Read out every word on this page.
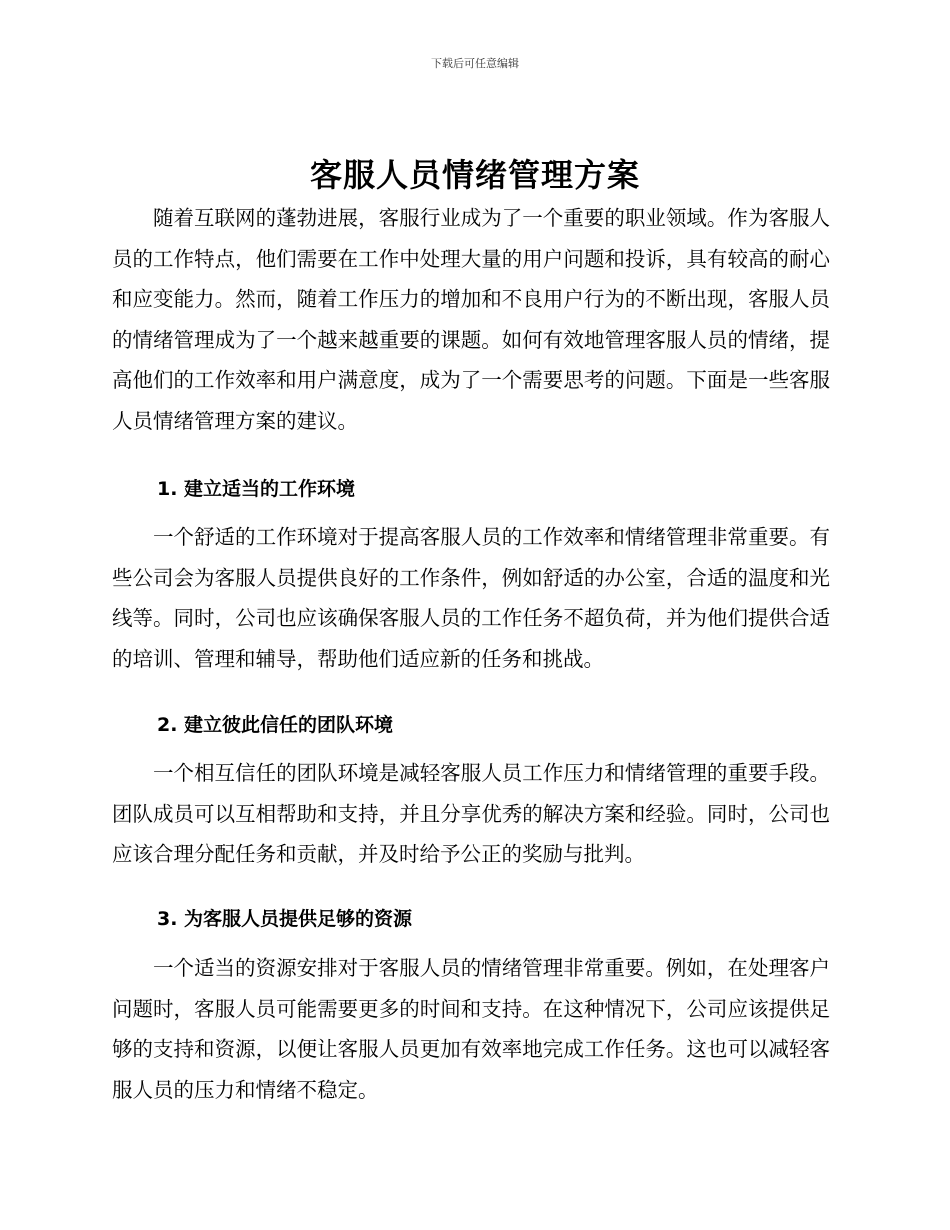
下载后可任意编辑
客服人员情绪管理方案

随着互联网的蓬勃进展，客服行业成为了一个重要的职业领域。作为客服人员的工作特点，他们需要在工作中处理大量的用户问题和投诉，具有较高的耐心和应变能力。然而，随着工作压力的增加和不良用户行为的不断出现，客服人员的情绪管理成为了一个越来越重要的课题。如何有效地管理客服人员的情绪，提高他们的工作效率和用户满意度，成为了一个需要思考的问题。下面是一些客服人员情绪管理方案的建议。

1. 建立适当的工作环境

一个舒适的工作环境对于提高客服人员的工作效率和情绪管理非常重要。有些公司会为客服人员提供良好的工作条件，例如舒适的办公室，合适的温度和光线等。同时，公司也应该确保客服人员的工作任务不超负荷，并为他们提供合适的培训、管理和辅导，帮助他们适应新的任务和挑战。

2. 建立彼此信任的团队环境

一个相互信任的团队环境是减轻客服人员工作压力和情绪管理的重要手段。团队成员可以互相帮助和支持，并且分享优秀的解决方案和经验。同时，公司也应该合理分配任务和贡献，并及时给予公正的奖励与批判。

3. 为客服人员提供足够的资源

一个适当的资源安排对于客服人员的情绪管理非常重要。例如，在处理客户问题时，客服人员可能需要更多的时间和支持。在这种情况下，公司应该提供足够的支持和资源，以便让客服人员更加有效率地完成工作任务。这也可以减轻客服人员的压力和情绪不稳定。
